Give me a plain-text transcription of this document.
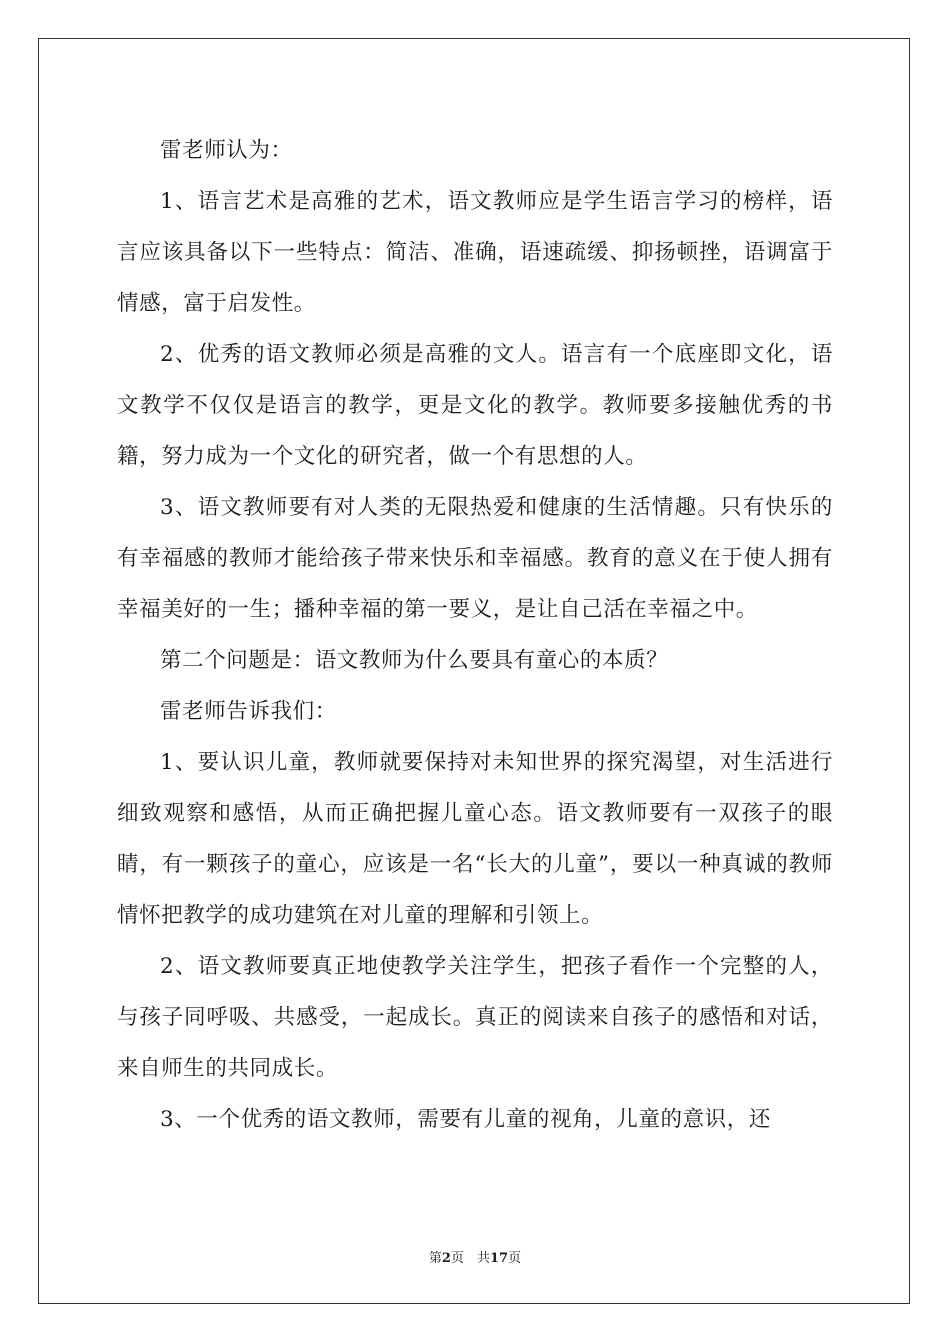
雷老师认为：

1、语言艺术是高雅的艺术，语文教师应是学生语言学习的榜样，语言应该具备以下一些特点：简洁、准确，语速疏缓、抑扬顿挫，语调富于情感，富于启发性。

2、优秀的语文教师必须是高雅的文人。语言有一个底座即文化，语文教学不仅仅是语言的教学，更是文化的教学。教师要多接触优秀的书籍，努力成为一个文化的研究者，做一个有思想的人。

3、语文教师要有对人类的无限热爱和健康的生活情趣。只有快乐的有幸福感的教师才能给孩子带来快乐和幸福感。教育的意义在于使人拥有幸福美好的一生；播种幸福的第一要义，是让自己活在幸福之中。

第二个问题是：语文教师为什么要具有童心的本质？

雷老师告诉我们：

1、要认识儿童，教师就要保持对未知世界的探究渴望，对生活进行细致观察和感悟，从而正确把握儿童心态。语文教师要有一双孩子的眼睛，有一颗孩子的童心，应该是一名“长大的儿童”，要以一种真诚的教师情怀把教学的成功建筑在对儿童的理解和引领上。

2、语文教师要真正地使教学关注学生，把孩子看作一个完整的人，与孩子同呼吸、共感受，一起成长。真正的阅读来自孩子的感悟和对话，来自师生的共同成长。

3、一个优秀的语文教师，需要有儿童的视角，儿童的意识，还

第2页　共17页
